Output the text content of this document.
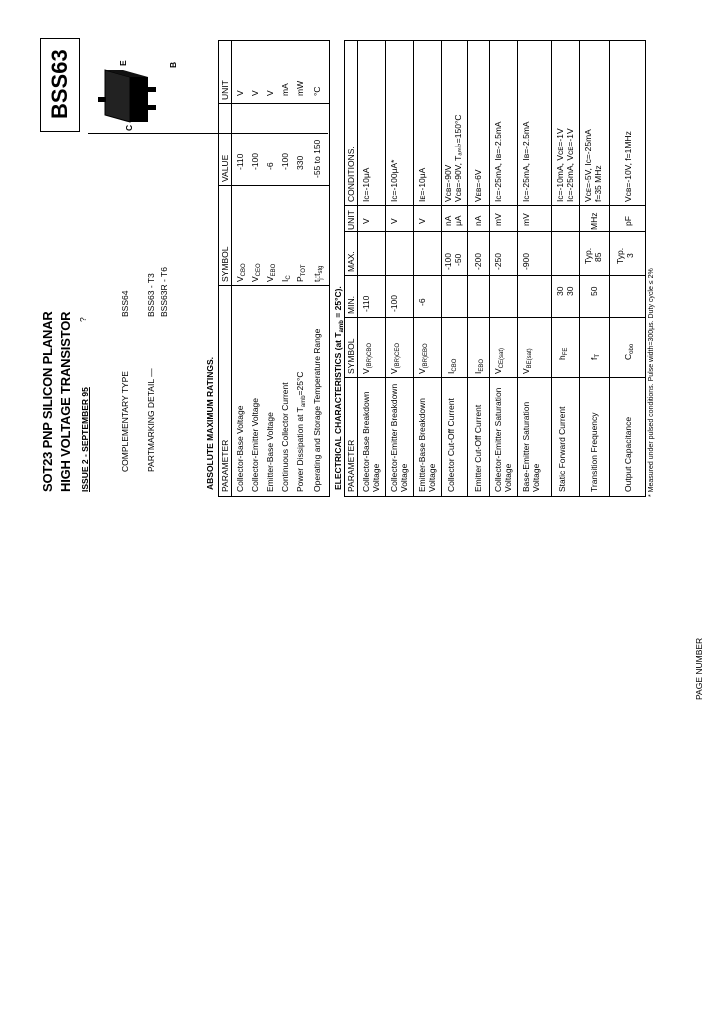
SOT23 PNP SILICON PLANAR HIGH VOLTAGE TRANSISTOR ISSUE 2 - SEPTEMBER 95
?
BSS63	E	B
C
COMPLEMENTARY TYPE
BSS64
PARTMARKING DETAIL —
BSS63 - T3 BSS63R - T6
ABSOLUTE MAXIMUM RATINGS. PARAMETER
SYMBOL
VALUE
UNIT
Collector-Base Voltage
$V_{CBO}$
-110
V
Collector-Emitter Voltage
$V_{CEO}$
-100
V
Emitter-Base Voltage
$V_{EBO}$
-6
V
Continuous Collector Current
$I_C$
-100
mA
Power Dissipation at $T_{amb}=25^\circ C$
$P_{TOT}$
330
mW
Operating and Storage Temperature Range
$t_j:t_{stg}$
-55 to 150
°C
ELECTRICAL CHARACTERISTICS (at $T_{amb} = 25^\circ C$).
PARAMETER
SYMBOL
MIN.
MAX.
UNIT
CONDITIONS.
Collector-Base Breakdown Voltage
$V_{(BR)CBO}$
-110
V
Iᴄ=-10μA
Collector-Emitter Breakdown Voltage
$V_{(BR)CEO}$
-100
V
Iᴄ=-100μA*
Emitter-Base Breakdown Voltage
$V_{(BR)EBO}$
-6
V
Iᴇ=-10μA
Collector Cut-Off Current
$I_{CBO}$
-100 -50
nA μA
Vᴄʙ=-90V Vᴄʙ=-90V, Tₐₘ♭=150°C
Emitter Cut-Off Current
$I_{EBO}$
-200
nA
Vᴇʙ=-6V
Collector-Emitter Saturation Voltage
$V_{CE(sat)}$
-250
mV
Iᴄ=-25mA, Iʙ=-2.5mA
Base-Emitter Saturation Voltage
$V_{BE(sat)}$
-900
mV
Iᴄ=-25mA, Iʙ=-2.5mA
Static Forward Current
$h_{FE}$
30 30
Iᴄ=-10mA, Vᴄᴇ=-1V Iᴄ=-25mA, Vᴄᴇ=-1V
Transition Frequency
$f_T$
50
Typ. 85
MHz
Vᴄᴇ=-5V, Iᴄ=-25mA f=35 MHz
Output Capacitance
$C_{obo}$
Typ. 3
pF
Vᴄʙ=-10V, f=1MHz
* Measured under pulsed conditions. Pulse width=300μs. Duty cycle ≤ 2%
PAGE NUMBER
